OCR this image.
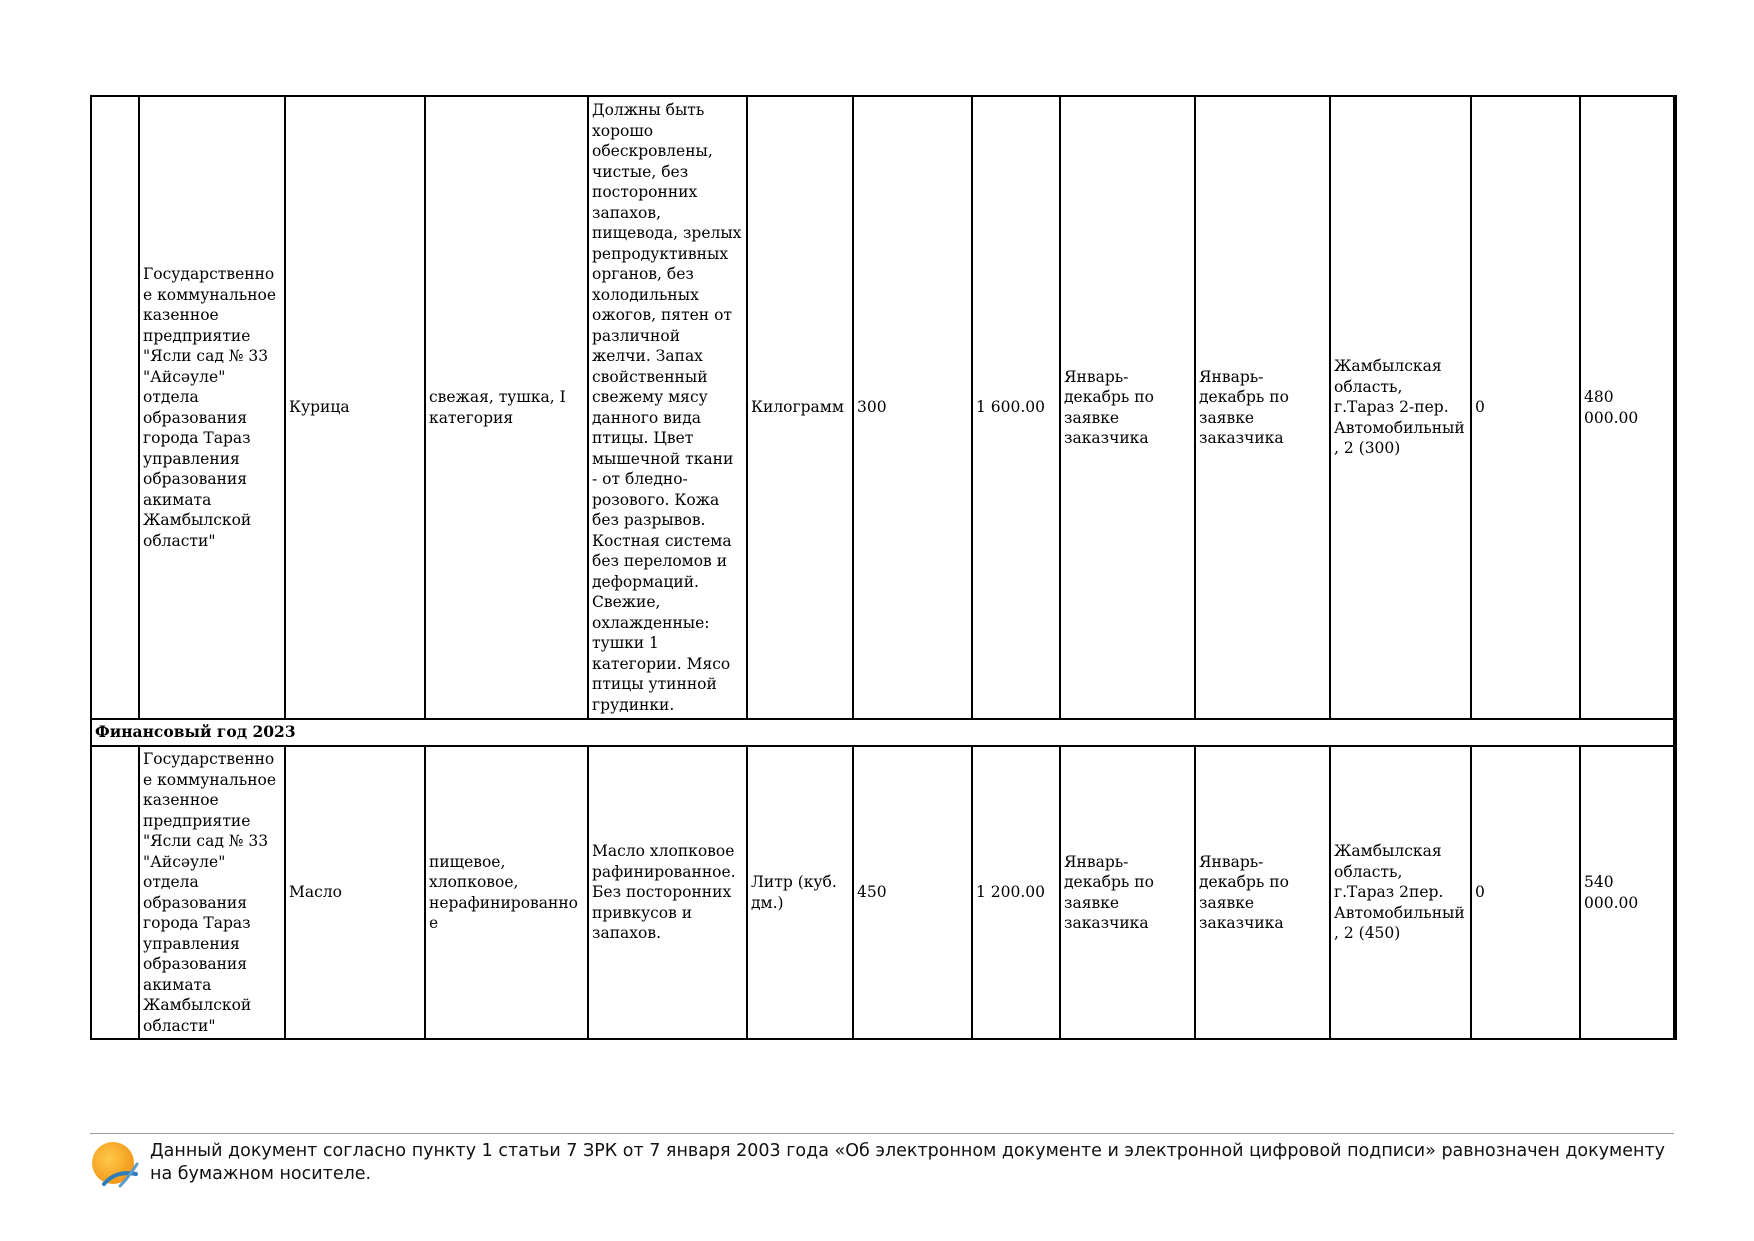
	Государственное коммунальное казенное предприятие "Ясли сад № 33 "Айсәуле" отдела образования города Тараз управления образования акимата Жамбылской области"	Курица	свежая, тушка, I категория	Должны быть хорошо обескровлены, чистые, без посторонних запахов, пищевода, зрелых репродуктивных органов, без холодильных ожогов, пятен от различной желчи. Запах свойственный свежему мясу данного вида птицы. Цвет мышечной ткани - от бледно-розового. Кожа без разрывов. Костная система без переломов и деформаций. Свежие, охлажденные: тушки 1 категории. Мясо птицы утинной грудинки.	Килограмм	300	1 600.00	Январь-декабрь по заявке заказчика	Январь-декабрь по заявке заказчика	Жамбылская область, г.Тараз 2-пер. Автомобильный, 2 (300)	0	480 000.00
Финансовый год 2023												
	Государственное коммунальное казенное предприятие "Ясли сад № 33 "Айсәуле" отдела образования города Тараз управления образования акимата Жамбылской области"	Масло	пищевое, хлопковое, нерафинированное	Масло хлопковое рафинированное. Без посторонних привкусов и запахов.	Литр (куб. дм.)	450	1 200.00	Январь-декабрь по заявке заказчика	Январь-декабрь по заявке заказчика	Жамбылская область, г.Тараз 2пер. Автомобильный, 2 (450)	0	540 000.00
Данный документ согласно пункту 1 статьи 7 ЗРК от 7 января 2003 года «Об электронном документе и электронной цифровой подписи» равнозначен документу на бумажном носителе.
